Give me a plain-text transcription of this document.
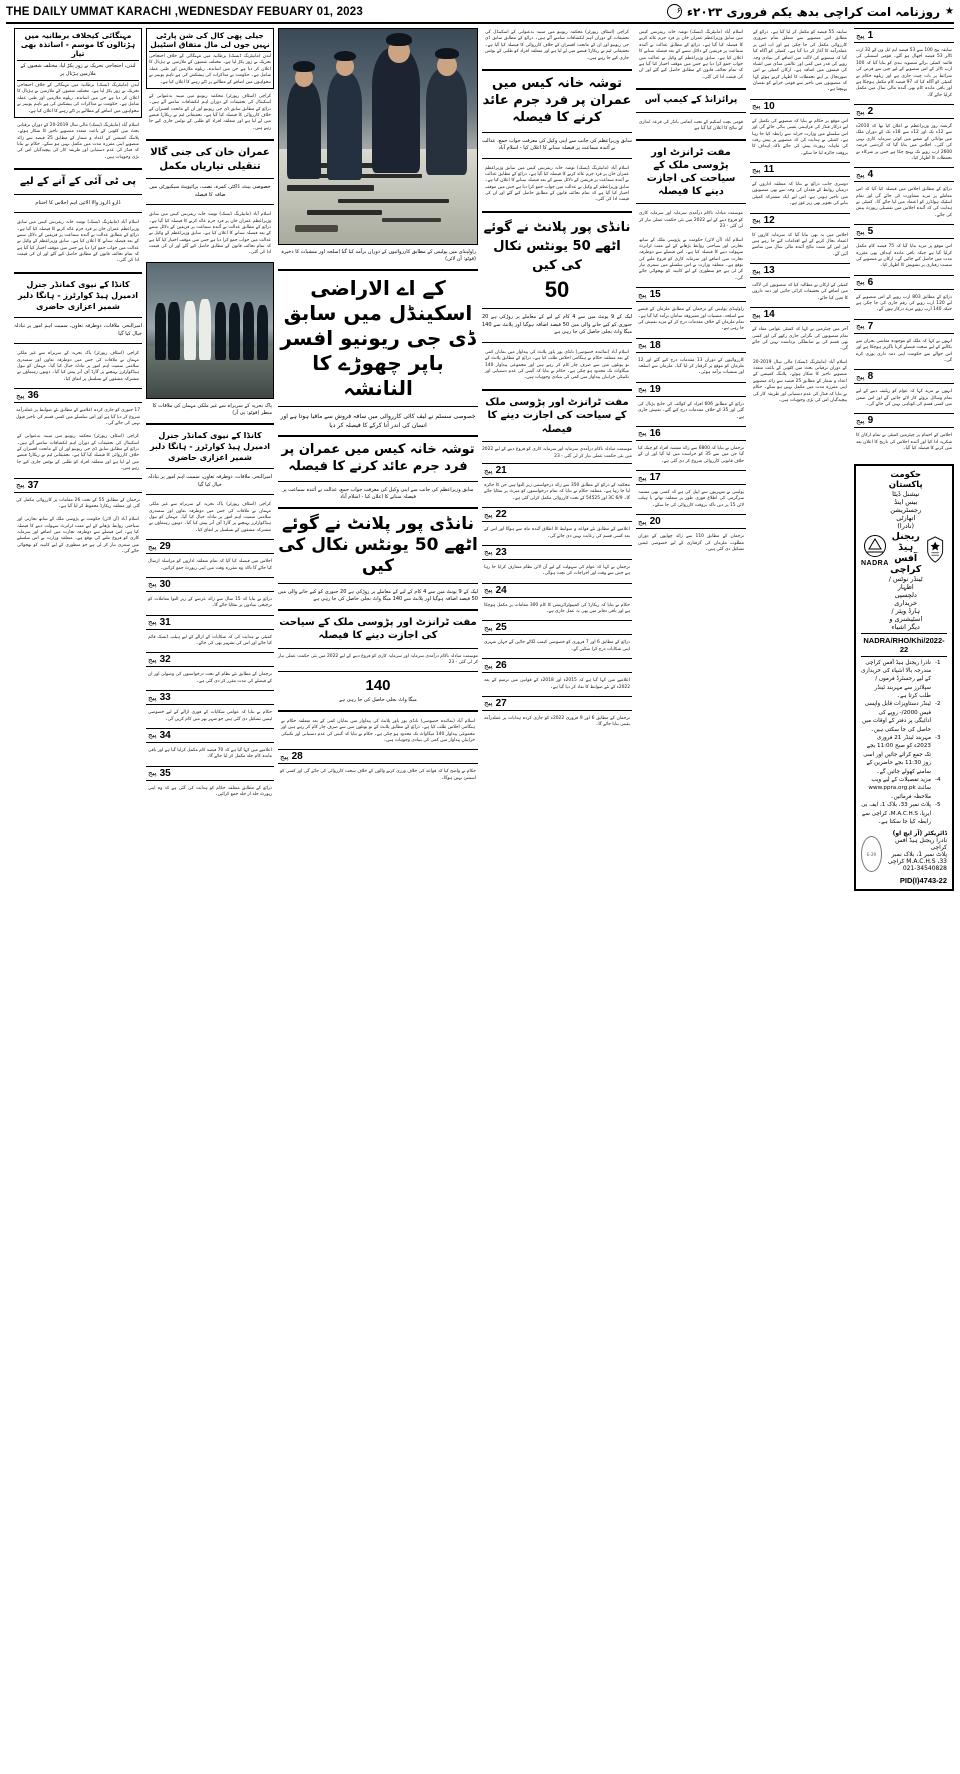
THE DAILY UMMAT KARACHI ,WEDNESDAY FEBUARY 01, 2023	★
روزنامہ امت کراچی بدھ یکم فروری ۲۰۲۳ء
۶
1
پیج
سابقہ پیج 100 سے 53 فیصد ایم ایل ون کے 32 ارب ڈالر 53 فیصد اچھال ہو گئے۔ قومی اسمبلی کی قائمہ کمیٹی برائے منصوبہ بندی کو بتایا گیا کہ 100 ارب ڈالر کے اس منصوبے کے لیے چین سے قرض کی شرائط پر بات چیت جاری ہے اور ریلوے حکام نے کمیٹی کو آگاہ کیا کہ 97 فیصد کام مکمل ہوچکا ہے اور باقی ماندہ کام بھی آئندہ مالی سال میں مکمل کرلیا جائے گا۔
2
پیج
گزشتہ روز وزیراعظم نے اعلان کیا تھا کہ 2010ء سے 12ء تک اور 12ء سے 18ء تک کے دوران ملک میں توانائی کے شعبے میں کوئی سرمایہ کاری نہیں کی گئی۔ اجلاس میں بتایا گیا کہ گردشی قرضہ 2600 ارب روپے تک پہنچ چکا ہے جس پر شرکاء نے تحفظات کا اظہار کیا۔
4
پیج
ذرائع کے مطابق اجلاس میں فیصلہ کیا گیا کہ اس معاملے پر مزید مشاورت کی جائے گی اور تمام اسٹیک ہولڈرز کو اعتماد میں لیا جائے گا۔ کمیٹی نے ہدایت کی کہ آئندہ اجلاس میں تفصیلی رپورٹ پیش کی جائے۔
5
پیج
اس موقع پر مزید بتایا گیا کہ 75 فیصد کام مکمل کرلیا گیا ہے جبکہ باقی ماندہ اہداف بھی مقررہ مدت میں حاصل کیے جائیں گے۔ ارکان نے منصوبے کی سست رفتاری پر تشویش کا اظہار کیا۔
6
پیج
ذرائع کے مطابق 803 ارب روپے کے اس منصوبے کے لیے 120 ارب روپے کی رقم جاری کی جا چکی ہے جبکہ 140 ارب روپے مزید درکار ہوں گے۔
7
پیج
انہوں نے کہا کہ ملک کو موجودہ معاشی بحران سے نکالنے کے لیے سخت فیصلے کرنا ناگزیر ہوچکا ہے اور اس حوالے سے حکومت اپنی ذمہ داری پوری کرے گی۔
8
پیج
انہوں نے مزید کہا کہ عوام کو ریلیف دینے کے لیے تمام وسائل بروئے کار لائے جائیں گے اور اس ضمن میں کسی قسم کی کوتاہی نہیں کی جائے گی۔
9
پیج
اجلاس کے اختتام پر چیئرمین کمیٹی نے تمام ارکان کا شکریہ ادا کیا اور آئندہ اجلاس کی تاریخ کا اعلان بعد میں کرنے کا فیصلہ کیا گیا۔
حکومت پاکستان
نیشنل ڈیٹا بیس اینڈ رجسٹریشن اتھارٹی (نادرا)
ریجنل ہیڈ آفس کراچی
ٹینڈر نوٹس / اظہار دلچسپی
خریداری ہارڈ ویئر / اسٹیشنری و دیگر اشیاء
NADRA
NADRA/RHO/Khi/2022-22
1-
نادرا ریجنل ہیڈ آفس کراچی مندرجہ بالا اشیاء کی خریداری کے لیے رجسٹرڈ فرموں / سپلائرز سے مہربند ٹینڈر طلب کرتا ہے۔
2-
ٹینڈر دستاویزات قابل واپسی فیس 2000/- روپے کی ادائیگی پر دفتر کے اوقات میں حاصل کی جا سکتی ہیں۔
3-
مہربند ٹینڈر 21 فروری 2023ء کو صبح 11:00 بجے تک جمع کرائے جائیں اور اسی روز 11:30 بجے حاضرین کے سامنے کھولے جائیں گے۔
4-
مزید تفصیلات کے لیے ویب سائٹ www.ppra.org.pk ملاحظہ فرمائیں۔
5-
پلاٹ نمبر 33، بلاک 1، ایف بی ایریا، M.A.C.H.S، کراچی سے رابطہ کیا جا سکتا ہے۔
ڈائریکٹر (آر ایچ او)
نادرا ریجنل ہیڈ آفس کراچی
پلاٹ نمبر 1، بلاک نمبر 33، M.A.C.H.S کراچی
021-34540828
29-E
PID(I)4743-22
سابقہ 55 فیصد کو مکمل کر لیا گیا ہے۔ ذرائع کے مطابق اس منصوبے سے متعلق تمام ضروری کارروائی مکمل کی جا چکی ہے اور اب اس پر عملدرآمد کا آغاز کر دیا گیا ہے۔ کمیٹی کو آگاہ کیا گیا کہ منصوبے کی لاگت میں اضافے کی بنیادی وجہ روپے کی قدر میں کمی اور عالمی منڈی میں اشیاء کی قیمتوں میں اضافہ ہے۔ ارکان کمیٹی نے اس صورتحال پر اپنے تحفظات کا اظہار کرتے ہوئے کہا کہ منصوبوں میں تاخیر سے قومی خزانے کو نقصان پہنچتا ہے۔
10
پیج
اس موقع پر حکام نے بتایا کہ منصوبے کی تکمیل کے لیے درکار فنڈز کی فراہمی یقینی بنائی جائے گی اور اس سلسلے میں وزارت خزانہ سے رابطہ کیا جا رہا ہے۔ کمیٹی نے ہدایت کی کہ منصوبے پر پیش رفت کی ماہانہ رپورٹ پیش کی جائے تاکہ اہداف کا بروقت جائزہ لیا جا سکے۔
11
پیج
دوسری جانب ذرائع نے بتایا کہ متعلقہ اداروں کے درمیان روابط کے فقدان کی وجہ سے بھی منصوبوں میں تاخیر ہوتی ہے، اس لیے ایک مشترکہ کمیٹی بنانے کی تجویز بھی زیر غور ہے۔
12
پیج
اجلاس میں یہ بھی بتایا گیا کہ سرمایہ کاروں کا اعتماد بحال کرنے کے لیے اقدامات کیے جا رہے ہیں اور اس کے مثبت نتائج آئندہ مالی سال میں سامنے آئیں گے۔
13
پیج
کمیٹی کے ارکان نے مطالبہ کیا کہ منصوبوں کی لاگت میں اضافے کی تحقیقات کرائی جائیں اور ذمہ داروں کا تعین کیا جائے۔
14
پیج
آخر میں چیئرمین نے کہا کہ کمیٹی عوامی مفاد کے تمام منصوبوں کی نگرانی جاری رکھے گی اور کسی بھی قسم کی بے ضابطگی برداشت نہیں کی جائے گی۔
اسلام آباد (مانیٹرنگ ڈیسک) مالی سال 2019-20 کے دوران ترقیاتی بجٹ میں کٹوتی کے باعث متعدد منصوبے تاخیر کا شکار ہوئے۔ پلاننگ کمیشن کے اعداد و شمار کے مطابق 25 فیصد سے زائد منصوبے اپنی مقررہ مدت میں مکمل نہیں ہو سکے۔ حکام نے بتایا کہ فنڈز کی عدم دستیابی اور طریقہ کار کی پیچیدگیاں اس کی بڑی وجوہات ہیں۔
اسلام آباد (مانیٹرنگ ڈیسک) توشہ خانہ ریفرنس کیس میں سابق وزیراعظم عمران خان پر فرد جرم عائد کرنے کا فیصلہ کیا گیا ہے۔ ذرائع کے مطابق عدالت نے آئندہ سماعت پر فریقین کے دلائل سننے کے بعد فیصلہ سنانے کا اعلان کیا ہے۔ سابق وزیراعظم کے وکیل نے عدالت میں جواب جمع کرا دیا ہے جس میں موقف اختیار کیا گیا ہے کہ تمام تحائف قانون کے مطابق حاصل کیے گئے اور ان کی قیمت ادا کی گئی۔
پرائزانڈ کے کیمپ آس
قومی بچت اسکیم کے تحت انعامی بانڈز کی قرعہ اندازی کے نتائج کا اعلان کیا گیا ہے
مفت ٹرانزٹ اور پڑوسی ملک کے سیاحت کی اجازت دینے کا فیصلہ
موسمت مبادلہ ناکام درآمدی سرمایہ اور سرمایہ کاری کو فروغ دینے کے لیے 2022 میں نئی حکمت عملی تیار کر لی گئی - 23
اسلام آباد (آن لائن) حکومت نے پڑوسی ملک کے ساتھ تجارتی اور سیاحتی روابط بڑھانے کے لیے مفت ٹرانزٹ سہولت دینے کا فیصلہ کیا ہے۔ اس فیصلے سے دوطرفہ تجارت میں اضافے اور سرمایہ کاری کو فروغ ملنے کی توقع ہے۔ متعلقہ وزارت نے اس سلسلے میں سمری تیار کر لی ہے جو منظوری کے لیے کابینہ کو بھجوائی جائے گی۔
15
پیج
راولپنڈی پولیس کے ترجمان کے مطابق ملزمان کے قبضے سے اسلحہ، منشیات اور مسروقہ سامان برآمد کیا گیا ہے۔ تمام ملزمان کے خلاف مقدمات درج کر کے مزید تفتیش کی جا رہی ہے۔
18
پیج
کارروائیوں کے دوران 13 مقدمات درج کیے گئے اور 12 ملزمان کو موقع پر گرفتار کر لیا گیا۔ ملزمان سے اسلحہ اور منشیات برآمد ہوئی۔
19
پیج
ذرائع کے مطابق 606 افراد کے کوائف کی جانچ پڑتال کی گئی اور 35 کے خلاف مقدمات درج کیے گئے۔ تفتیش جاری ہے۔
16
پیج
ترجمان نے بتایا کہ 6800 سے زائد مشتبہ افراد کو چیک کیا گیا جن میں سے 35 کو حراست میں لیا گیا اور ان کے خلاف قانونی کارروائی شروع کر دی گئی ہے۔
17
پیج
پولیس نے شہریوں سے اپیل کی ہے کہ کسی بھی مشتبہ سرگرمی کی اطلاع فوری طور پر متعلقہ تھانے یا ہیلپ لائن 15 پر دیں تاکہ بروقت کارروائی کی جا سکے۔
20
پیج
ترجمان کے مطابق 110 سے زائد چھاپوں کے دوران مطلوب ملزمان کی گرفتاری کے لیے خصوصی ٹیمیں تشکیل دی گئی ہیں۔
کراچی (اسٹاف رپورٹر) محکمہ ریونیو میں مبینہ بدعنوانی کے اسکینڈل کی تحقیقات کے دوران اہم انکشافات سامنے آئے ہیں۔ ذرائع کے مطابق سابق ڈی جی ریونیو اور ان کے ماتحت افسران کے خلاف کارروائی کا فیصلہ کیا گیا ہے۔ تحقیقاتی ٹیم نے ریکارڈ قبضے میں لے لیا ہے اور متعلقہ افراد کو طلبی کے نوٹس جاری کیے جا رہے ہیں۔
توشہ خانہ کیس میں عمران پر فرد جرم عائد کرنے کا فیصلہ
سابق وزیراعظم کی جانب سے اپنی وکیل کی معرفت جواب جمع، عدالت نے آئندہ سماعت پر فیصلہ سنانے کا اعلان کیا - اسلام آباد
اسلام آباد (مانیٹرنگ ڈیسک) توشہ خانہ ریفرنس کیس میں سابق وزیراعظم عمران خان پر فرد جرم عائد کرنے کا فیصلہ کیا گیا ہے۔ ذرائع کے مطابق عدالت نے آئندہ سماعت پر فریقین کے دلائل سننے کے بعد فیصلہ سنانے کا اعلان کیا ہے۔ سابق وزیراعظم کے وکیل نے عدالت میں جواب جمع کرا دیا ہے جس میں موقف اختیار کیا گیا ہے کہ تمام تحائف قانون کے مطابق حاصل کیے گئے اور ان کی قیمت ادا کی گئی۔
نانڈی پور پلانٹ نے گوئے اٹھے 50 یونٹس نکال کی کیں
50
لیک کے 9 یونٹ میں سے 4 کام کے لیے کے معاملے پر روڑکی ہے 20 جنوری کو کیے جانے والی میں 50 فیصد اضافہ ہوگیا اور پلانٹ سے 140 میگا واٹ بجلی حاصل کی جا رہی ہے
اسلام آباد (نمائندہ خصوصی) نانڈی پور پاور پلانٹ کی پیداوار میں نمایاں کمی کے بعد متعلقہ حکام نے ہنگامی اجلاس طلب کیا ہے۔ ذرائع کے مطابق پلانٹ کے نو یونٹوں میں سے صرف چار کام کر رہے ہیں اور مجموعی پیداوار 140 میگاواٹ تک محدود ہو چکی ہے۔ حکام نے بتایا کہ گیس کی عدم دستیابی اور تکنیکی خرابیاں پیداوار میں کمی کی بنیادی وجوہات ہیں۔
مفت ٹرانزٹ اور پڑوسی ملک کے سیاحت کی اجازت دینے کا فیصلہ
موسمت مبادلہ ناکام درآمدی سرمایہ اور سرمایہ کاری کو فروغ دینے کے لیے 2022 میں نئی حکمت عملی تیار کر لی گئی - 23
21
پیج
محکمہ کے ذرائع کے مطابق 350 سے زائد درخواستیں زیر التوا ہیں جن کا جائزہ لیا جا رہا ہے۔ متعلقہ حکام نے بتایا کہ تمام درخواستوں کو میرٹ پر نمٹایا جائے گا۔ 6/9 3C اور 54525 کے تحت کارروائی مکمل کرلی گئی ہے۔
22
پیج
اعلامیے کے مطابق نئے قواعد و ضوابط کا اطلاق آئندہ ماہ سے ہوگا اور اس کے بعد کسی قسم کی رعایت نہیں دی جائے گی۔
23
پیج
ترجمان نے کہا کہ عوام کی سہولت کے لیے آن لائن نظام متعارف کرایا جا رہا ہے جس سے وقت اور اخراجات کی بچت ہوگی۔
24
پیج
حکام نے بتایا کہ ریکارڈ کی کمپیوٹرائزیشن کا کام 300 مقامات پر مکمل ہوچکا ہے اور باقی دفاتر میں بھی یہ عمل جاری ہے۔
25
پیج
ذرائع کے مطابق 6 اور 7 فروری کو خصوصی کیمپ لگائے جائیں گے جہاں شہری اپنی شکایات درج کرا سکیں گے۔
26
پیج
اعلامیے میں کہا گیا ہے کہ 2015ء اور 2018ء کے قوانین میں ترمیم کے بعد 2022ء کے نئے ضوابط کا نفاذ کر دیا گیا ہے۔
27
پیج
ترجمان کے مطابق 6 اور 9 فروری 2022ء کو جاری کردہ ہدایات پر عملدرآمد یقینی بنایا جائے گا۔
راولپنڈی میں پولیس کے مطابق کارروائیوں کے دوران برآمد کیا گیا اسلحہ اور منشیات کا ذخیرہ (فوٹو: آن لائن)
کے اے الاراضی اسکینڈل میں سابق ڈی جی ریونیو افسر باپر چھوڑے کا النانشہ
خصوصی سسٹم نے لیف کائی کارروائی میں سافہ فروش سے مافیا ہوتا ہے اور انسان کی اندر آنا کرکے کا فیصلہ کر دیا
توشہ خانہ کیس میں عمران پر فرد جرم عائد کرنے کا فیصلہ
سابق وزیراعظم کی جانب سے اپنی وکیل کی معرفت جواب جمع، عدالت نے آئندہ سماعت پر فیصلہ سنانے کا اعلان کیا - اسلام آباد
نانڈی پور پلانٹ نے گوئے اٹھے 50 یونٹس نکال کی کیں
لیک کے 9 یونٹ میں سے 4 کام کے لیے کے معاملے پر روڑکی ہے 20 جنوری کو کیے جانے والی میں 50 فیصد اضافہ ہوگیا اور پلانٹ سے 140 میگا واٹ بجلی حاصل کی جا رہی ہے
مفت ٹرانزٹ اور پڑوسی ملک کے سیاحت کی اجازت دینے کا فیصلہ
موسمت مبادلہ ناکام درآمدی سرمایہ اور سرمایہ کاری کو فروغ دینے کے لیے 2022 میں نئی حکمت عملی تیار کر لی گئی - 23
140
میگا واٹ بجلی حاصل کی جا رہی ہے
اسلام آباد (نمائندہ خصوصی) نانڈی پور پاور پلانٹ کی پیداوار میں نمایاں کمی کے بعد متعلقہ حکام نے ہنگامی اجلاس طلب کیا ہے۔ ذرائع کے مطابق پلانٹ کے نو یونٹوں میں سے صرف چار کام کر رہے ہیں اور مجموعی پیداوار 140 میگاواٹ تک محدود ہو چکی ہے۔ حکام نے بتایا کہ گیس کی عدم دستیابی اور تکنیکی خرابیاں پیداوار میں کمی کی بنیادی وجوہات ہیں۔
28
پیج
حکام نے واضح کیا کہ قواعد کی خلاف ورزی کرنے والوں کے خلاف سخت کارروائی کی جائے گی اور کسی کو استثنیٰ نہیں ہوگا۔
جیلی پھی کال کی شن پارٹی نہیں جوں لی مال متفاق اسٹیبل
لندن (مانیٹرنگ ڈیسک) برطانیہ میں مہنگائی کے خلاف احتجاجی تحریک نے زور پکڑ لیا ہے۔ مختلف شعبوں کے ملازمین نے ہڑتال کا اعلان کر دیا ہے جن میں اساتذہ، ریلوے ملازمین اور طبی عملہ شامل ہے۔ حکومت نے مذاکرات کی پیشکش کی ہے تاہم یونینز نے تنخواہوں میں اضافے کے مطالبے پر ڈٹے رہنے کا اعلان کیا ہے۔
کراچی (اسٹاف رپورٹر) محکمہ ریونیو میں مبینہ بدعنوانی کے اسکینڈل کی تحقیقات کے دوران اہم انکشافات سامنے آئے ہیں۔ ذرائع کے مطابق سابق ڈی جی ریونیو اور ان کے ماتحت افسران کے خلاف کارروائی کا فیصلہ کیا گیا ہے۔ تحقیقاتی ٹیم نے ریکارڈ قبضے میں لے لیا ہے اور متعلقہ افراد کو طلبی کے نوٹس جاری کیے جا رہے ہیں۔
عمران خان کی جنی گالا تنقیلی تیاریاں مکمل
خصوصی بیٹ، ڈاکٹر، کمرہ، نصب، پرائیویٹ سیکیورٹی میں ضافہ کا فیصلہ
اسلام آباد (مانیٹرنگ ڈیسک) توشہ خانہ ریفرنس کیس میں سابق وزیراعظم عمران خان پر فرد جرم عائد کرنے کا فیصلہ کیا گیا ہے۔ ذرائع کے مطابق عدالت نے آئندہ سماعت پر فریقین کے دلائل سننے کے بعد فیصلہ سنانے کا اعلان کیا ہے۔ سابق وزیراعظم کے وکیل نے عدالت میں جواب جمع کرا دیا ہے جس میں موقف اختیار کیا گیا ہے کہ تمام تحائف قانون کے مطابق حاصل کیے گئے اور ان کی قیمت ادا کی گئی۔
پاک بحریہ کے سربراہ سے غیر ملکی مہمان کی ملاقات کا منظر (فوٹو: پی آر)
کانڈا کے نیوی کمانڈر جنرل ادمیرل ہیڈ کوارٹرز - ہانگا دلبر شمیر اعزازی حاضری
امیرالبحر، ملاقات، دوطرفہ تعاون، سمیت اہم امور پر تبادلہ خیال کیا گیا
کراچی (اسٹاف رپورٹر) پاک بحریہ کے سربراہ سے غیر ملکی مہمان نے ملاقات کی جس میں دوطرفہ تعاون اور سمندری سلامتی سمیت اہم امور پر تبادلہ خیال کیا گیا۔ مہمان کو نیول ہیڈکوارٹرز پہنچنے پر گارڈ آف آنر پیش کیا گیا۔ دونوں رہنماؤں نے مشترکہ مشقوں کے تسلسل پر اتفاق کیا۔
29
پیج
اجلاس میں فیصلہ کیا گیا کہ تمام متعلقہ اداروں کو مراسلہ ارسال کیا جائے گا تاکہ وہ مقررہ وقت میں اپنی رپورٹ جمع کرائیں۔
30
پیج
ذرائع نے بتایا کہ 15 سال سے زائد عرصے کے زیر التوا معاملات کو ترجیحی بنیادوں پر نمٹایا جائے گا۔
31
پیج
کمیٹی نے ہدایت کی کہ شکایات کے ازالے کے لیے ہیلپ ڈیسک قائم کیا جائے اور اس کی تشہیر بھی کی جائے۔
32
پیج
ترجمان کے مطابق نئے نظام کے تحت درخواستوں کی وصولی اور ان کے فیصلے کی مدت مقرر کر دی گئی ہے۔
33
پیج
حکام نے بتایا کہ عوامی شکایات کے فوری ازالے کے لیے خصوصی ٹیمیں تشکیل دی گئی ہیں جو شہر بھر میں کام کریں گی۔
34
پیج
اعلامیے میں کہا گیا ہے کہ 70 فیصد کام مکمل کرلیا گیا ہے اور باقی ماندہ کام جلد مکمل کر لیا جائے گا۔
35
پیج
ذرائع کے مطابق متعلقہ حکام کو ہدایت کی گئی ہے کہ وہ اپنی رپورٹ جلد از جلد جمع کرائیں۔
مہنگائی کیخلاف برطانیہ میں ہڑتالوں کا موسم - اساتذہ بھی تیار
لندن، احتجاجی تحریک نے زور پکڑ لیا، مختلف شعبوں کے ملازمین ہڑتال پر
لندن (مانیٹرنگ ڈیسک) برطانیہ میں مہنگائی کے خلاف احتجاجی تحریک نے زور پکڑ لیا ہے۔ مختلف شعبوں کے ملازمین نے ہڑتال کا اعلان کر دیا ہے جن میں اساتذہ، ریلوے ملازمین اور طبی عملہ شامل ہے۔ حکومت نے مذاکرات کی پیشکش کی ہے تاہم یونینز نے تنخواہوں میں اضافے کے مطالبے پر ڈٹے رہنے کا اعلان کیا ہے۔
اسلام آباد (مانیٹرنگ ڈیسک) مالی سال 2019-20 کے دوران ترقیاتی بجٹ میں کٹوتی کے باعث متعدد منصوبے تاخیر کا شکار ہوئے۔ پلاننگ کمیشن کے اعداد و شمار کے مطابق 25 فیصد سے زائد منصوبے اپنی مقررہ مدت میں مکمل نہیں ہو سکے۔ حکام نے بتایا کہ فنڈز کی عدم دستیابی اور طریقہ کار کی پیچیدگیاں اس کی بڑی وجوہات ہیں۔
پی ٹی آئی کے آنے کے لیے
ڈارو ڈاروز والا الائیں اہم اجلاس کا اختتام
اسلام آباد (مانیٹرنگ ڈیسک) توشہ خانہ ریفرنس کیس میں سابق وزیراعظم عمران خان پر فرد جرم عائد کرنے کا فیصلہ کیا گیا ہے۔ ذرائع کے مطابق عدالت نے آئندہ سماعت پر فریقین کے دلائل سننے کے بعد فیصلہ سنانے کا اعلان کیا ہے۔ سابق وزیراعظم کے وکیل نے عدالت میں جواب جمع کرا دیا ہے جس میں موقف اختیار کیا گیا ہے کہ تمام تحائف قانون کے مطابق حاصل کیے گئے اور ان کی قیمت ادا کی گئی۔
کانڈا کے نیوی کمانڈر جنرل ادمیرل ہیڈ کوارٹرز - ہانگا دلبر شمیر اعزازی حاضری
امیرالبحر، ملاقات، دوطرفہ تعاون، سمیت اہم امور پر تبادلہ خیال کیا گیا
کراچی (اسٹاف رپورٹر) پاک بحریہ کے سربراہ سے غیر ملکی مہمان نے ملاقات کی جس میں دوطرفہ تعاون اور سمندری سلامتی سمیت اہم امور پر تبادلہ خیال کیا گیا۔ مہمان کو نیول ہیڈکوارٹرز پہنچنے پر گارڈ آف آنر پیش کیا گیا۔ دونوں رہنماؤں نے مشترکہ مشقوں کے تسلسل پر اتفاق کیا۔
36
پیج
17 جنوری کو جاری کردہ اعلامیے کے مطابق نئے ضوابط پر عملدرآمد شروع کر دیا گیا ہے اور اس سلسلے میں کسی قسم کی تاخیر قبول نہیں کی جائے گی۔
کراچی (اسٹاف رپورٹر) محکمہ ریونیو میں مبینہ بدعنوانی کے اسکینڈل کی تحقیقات کے دوران اہم انکشافات سامنے آئے ہیں۔ ذرائع کے مطابق سابق ڈی جی ریونیو اور ان کے ماتحت افسران کے خلاف کارروائی کا فیصلہ کیا گیا ہے۔ تحقیقاتی ٹیم نے ریکارڈ قبضے میں لے لیا ہے اور متعلقہ افراد کو طلبی کے نوٹس جاری کیے جا رہے ہیں۔
37
پیج
ترجمان کے مطابق 55 کے تحت 26 مقامات پر کارروائی مکمل کی گئی اور متعلقہ ریکارڈ محفوظ کر لیا گیا ہے۔
اسلام آباد (آن لائن) حکومت نے پڑوسی ملک کے ساتھ تجارتی اور سیاحتی روابط بڑھانے کے لیے مفت ٹرانزٹ سہولت دینے کا فیصلہ کیا ہے۔ اس فیصلے سے دوطرفہ تجارت میں اضافے اور سرمایہ کاری کو فروغ ملنے کی توقع ہے۔ متعلقہ وزارت نے اس سلسلے میں سمری تیار کر لی ہے جو منظوری کے لیے کابینہ کو بھجوائی جائے گی۔
